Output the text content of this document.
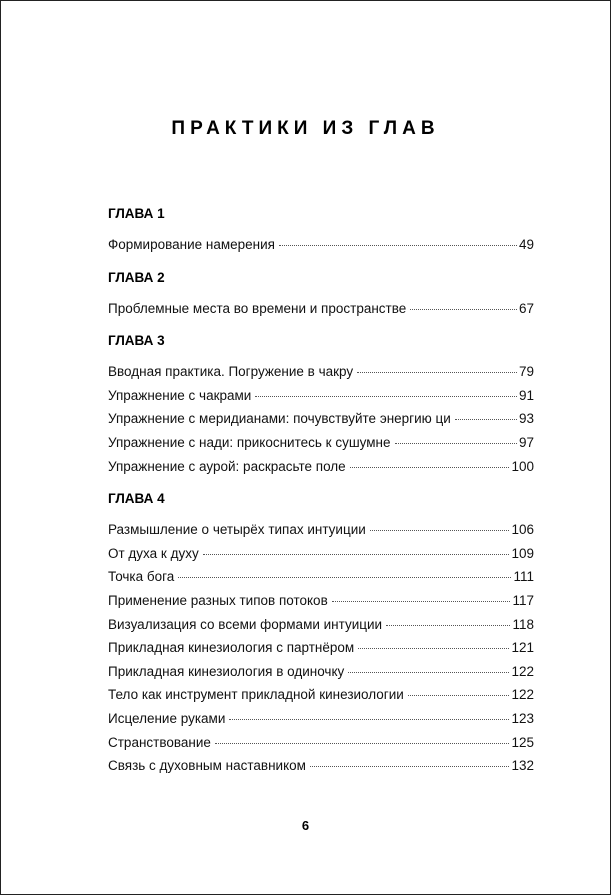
ПРАКТИКИ ИЗ ГЛАВ
ГЛАВА 1
Формирование намерения	49
ГЛАВА 2
Проблемные места во времени и пространстве	67
ГЛАВА 3
Вводная практика. Погружение в чакру	79
Упражнение с чакрами	91
Упражнение с меридианами: почувствуйте энергию ци	93
Упражнение с нади: прикоснитесь к сушумне	97
Упражнение с аурой: раскрасьте поле	100
ГЛАВА 4
Размышление о четырёх типах интуиции	106
От духа к духу	109
Точка бога	111
Применение разных типов потоков	117
Визуализация со всеми формами интуиции	118
Прикладная кинезиология с партнёром	121
Прикладная кинезиология в одиночку	122
Тело как инструмент прикладной кинезиологии	122
Исцеление руками	123
Странствование	125
Связь с духовным наставником	132
6
